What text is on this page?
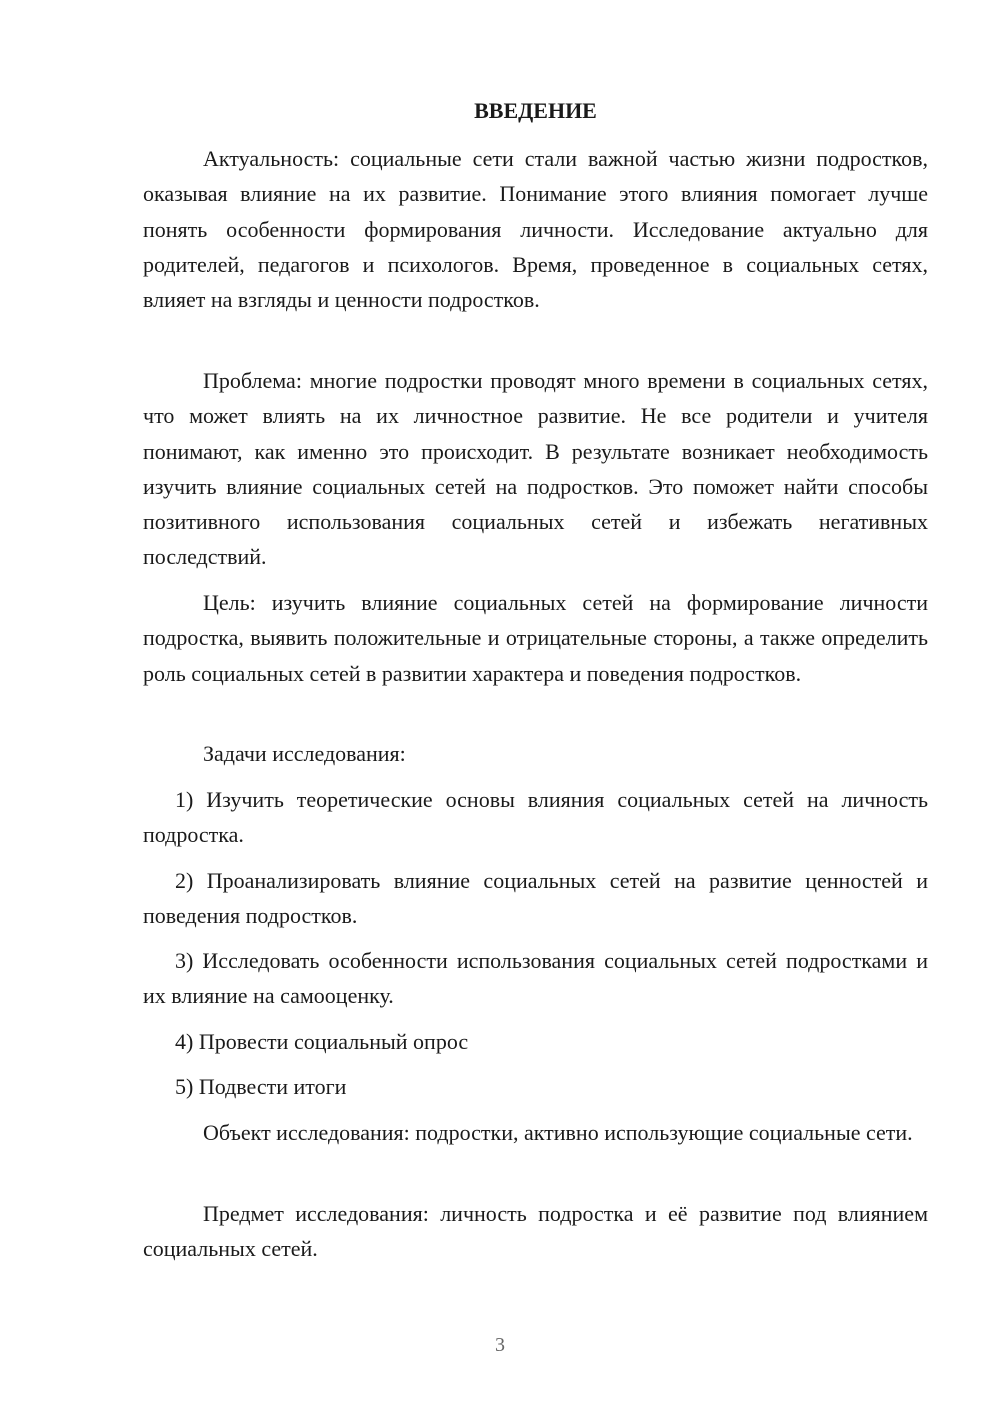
ВВЕДЕНИЕ

Актуальность: социальные сети стали важной частью жизни подростков, оказывая влияние на их развитие. Понимание этого влияния помогает лучше понять особенности формирования личности. Исследование актуально для родителей, педагогов и психологов. Время, проведенное в социальных сетях, влияет на взгляды и ценности подростков.

Проблема: многие подростки проводят много времени в социальных сетях, что может влиять на их личностное развитие. Не все родители и учителя понимают, как именно это происходит. В результате возникает необходимость изучить влияние социальных сетей на подростков. Это поможет найти способы позитивного использования социальных сетей и избежать негативных последствий.

Цель: изучить влияние социальных сетей на формирование личности подростка, выявить положительные и отрицательные стороны, а также определить роль социальных сетей в развитии характера и поведения подростков.

Задачи исследования:

1) Изучить теоретические основы влияния социальных сетей на личность подростка.

2) Проанализировать влияние социальных сетей на развитие ценностей и поведения подростков.

3) Исследовать особенности использования социальных сетей подростками и их влияние на самооценку.

4) Провести социальный опрос

5) Подвести итоги

Объект исследования: подростки, активно использующие социальные сети.

Предмет исследования: личность подростка и её развитие под влиянием социальных сетей.

3
